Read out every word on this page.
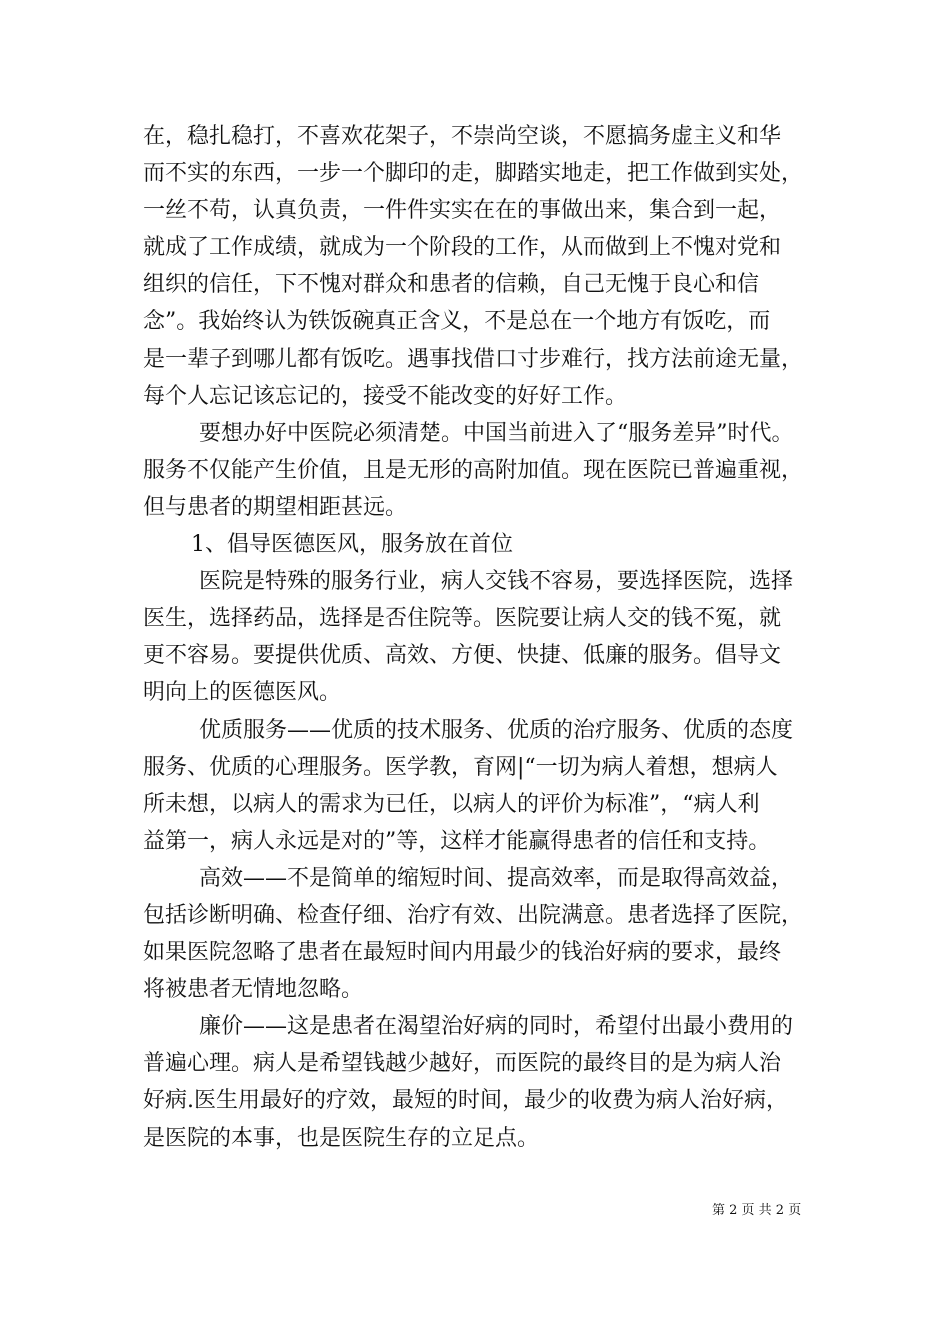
在，稳扎稳打，不喜欢花架子，不崇尚空谈，不愿搞务虚主义和华
而不实的东西，一步一个脚印的走，脚踏实地走，把工作做到实处，
一丝不苟，认真负责，一件件实实在在的事做出来，集合到一起，
就成了工作成绩，就成为一个阶段的工作，从而做到上不愧对党和
组织的信任，下不愧对群众和患者的信赖，自己无愧于良心和信
念”。我始终认为铁饭碗真正含义，不是总在一个地方有饭吃，而
是一辈子到哪儿都有饭吃。遇事找借口寸步难行，找方法前途无量，
每个人忘记该忘记的，接受不能改变的好好工作。
要想办好中医院必须清楚。中国当前进入了“服务差异”时代。
服务不仅能产生价值，且是无形的高附加值。现在医院已普遍重视，
但与患者的期望相距甚远。
1、倡导医德医风，服务放在首位
医院是特殊的服务行业，病人交钱不容易，要选择医院，选择
医生，选择药品，选择是否住院等。医院要让病人交的钱不冤，就
更不容易。要提供优质、高效、方便、快捷、低廉的服务。倡导文
明向上的医德医风。
优质服务——优质的技术服务、优质的治疗服务、优质的态度
服务、优质的心理服务。医学教，育网|“一切为病人着想，想病人
所未想，以病人的需求为已任，以病人的评价为标准”，“病人利
益第一，病人永远是对的”等，这样才能赢得患者的信任和支持。
高效——不是简单的缩短时间、提高效率，而是取得高效益，
包括诊断明确、检查仔细、治疗有效、出院满意。患者选择了医院，
如果医院忽略了患者在最短时间内用最少的钱治好病的要求，最终
将被患者无情地忽略。
廉价——这是患者在渴望治好病的同时，希望付出最小费用的
普遍心理。病人是希望钱越少越好，而医院的最终目的是为病人治
好病.医生用最好的疗效，最短的时间，最少的收费为病人治好病，
是医院的本事，也是医院生存的立足点。
第 2 页 共 2 页
